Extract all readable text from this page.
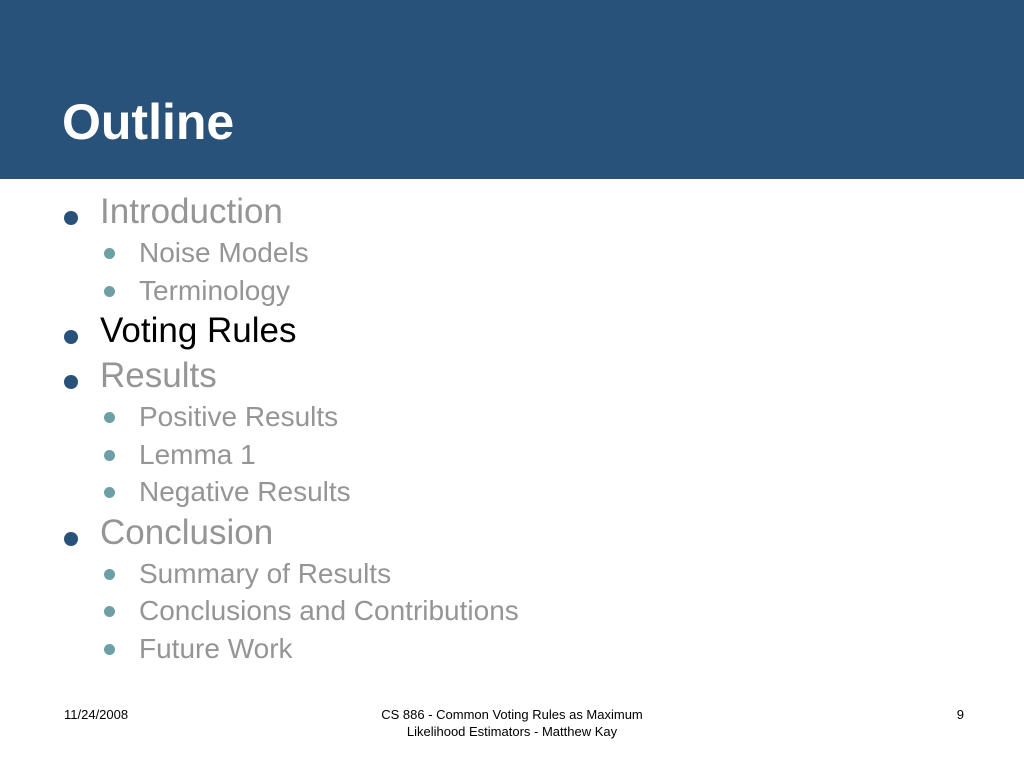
Outline
Introduction
Noise Models
Terminology
Voting Rules
Results
Positive Results
Lemma 1
Negative Results
Conclusion
Summary of Results
Conclusions and Contributions
Future Work
11/24/2008	CS 886 - Common Voting Rules as Maximum
Likelihood Estimators - Matthew Kay
9
